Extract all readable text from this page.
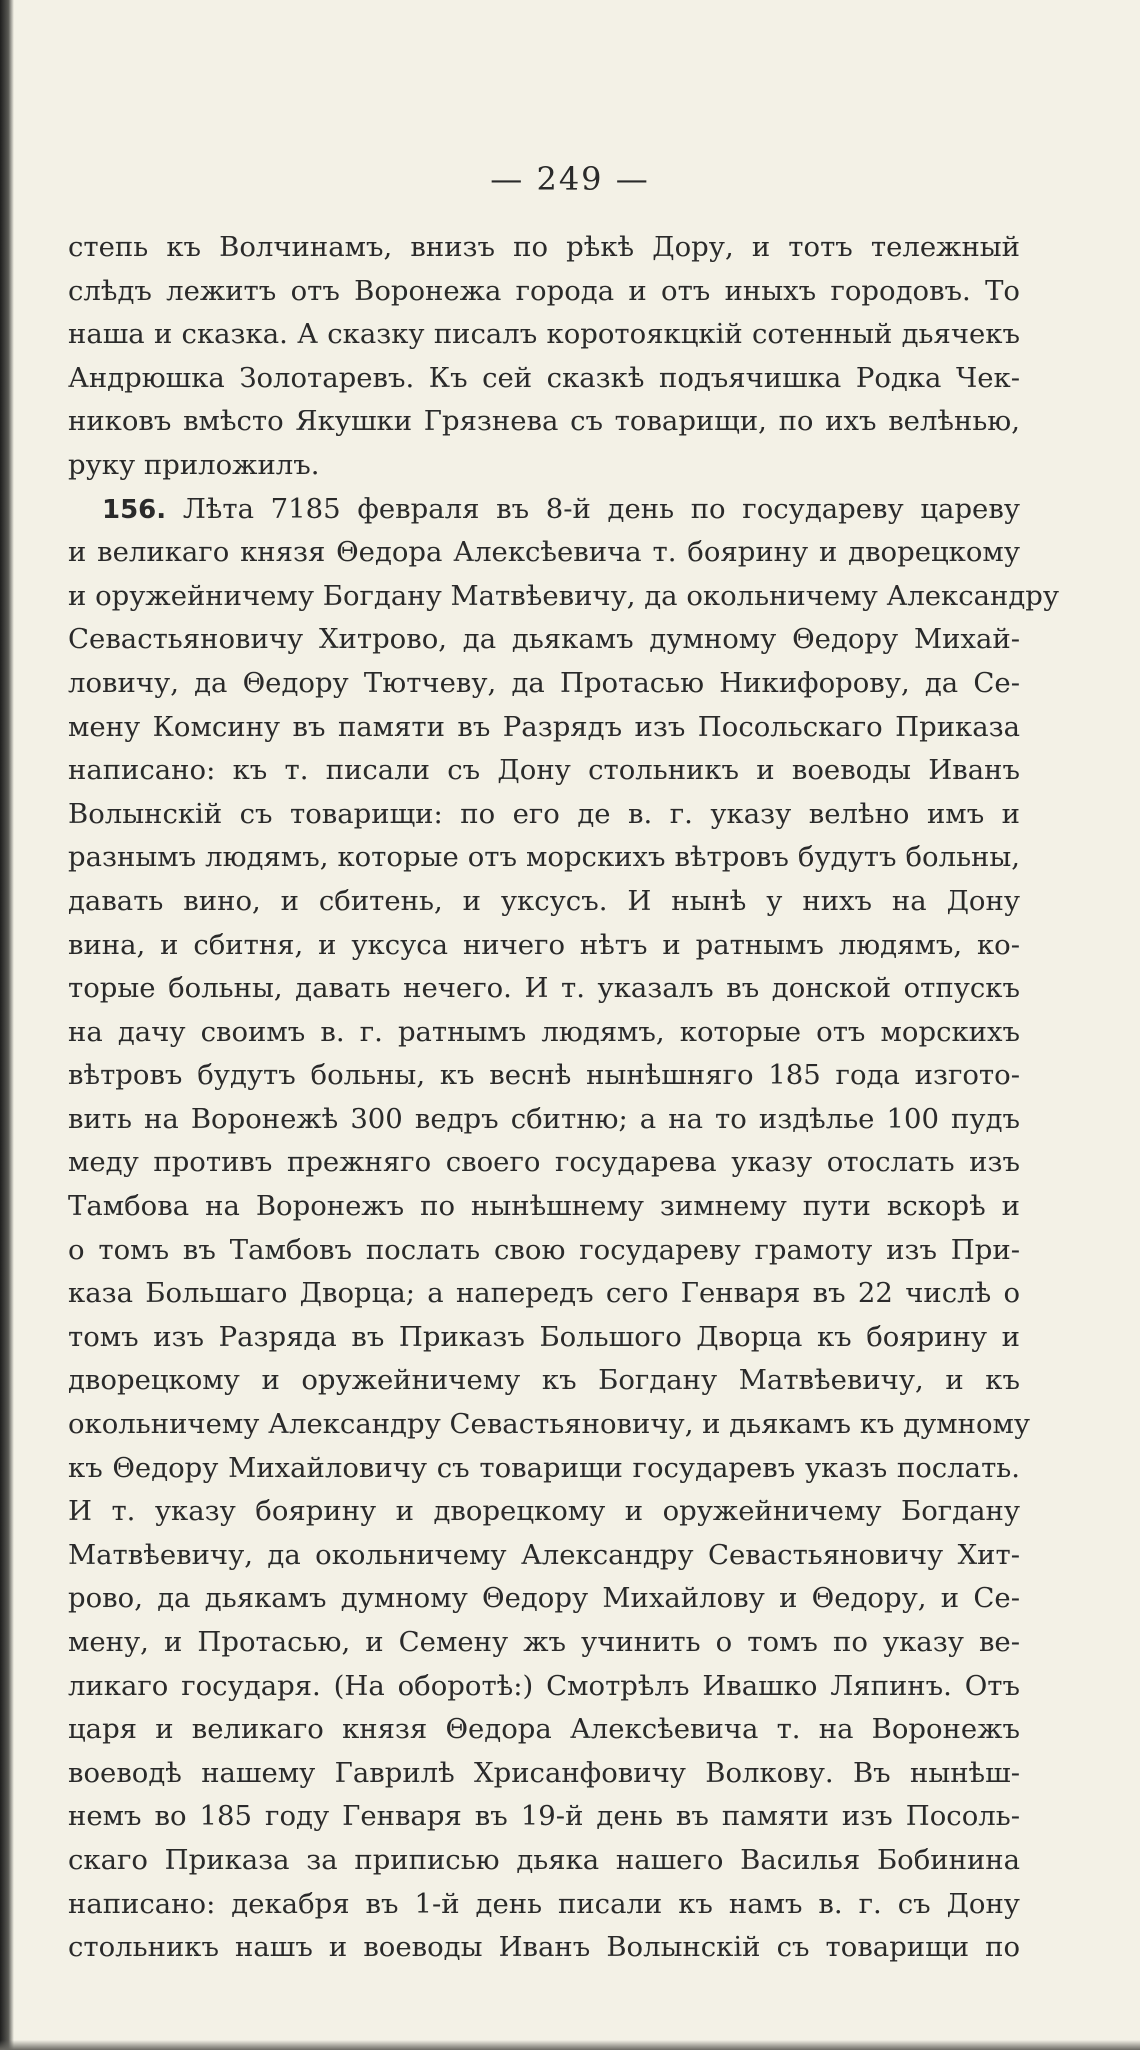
— 249 —
степь къ Волчинамъ, внизъ по рѣкѣ Дору, и тотъ тележный
слѣдъ лежитъ отъ Воронежа города и отъ иныхъ городовъ. То
наша и сказка. А сказку писалъ коротоякцкій сотенный дьячекъ
Андрюшка Золотаревъ. Къ сей сказкѣ подъячишка Родка Чек-
никовъ вмѣсто Якушки Грязнева съ товарищи, по ихъ велѣнью,
руку приложилъ.
156. Лѣта 7185 февраля въ 8-й день по государеву цареву
и великаго князя Θедора Алексѣевича т. боярину и дворецкому
и оружейничему Богдану Матвѣевичу, да окольничему Александру
Севастьяновичу Хитрово, да дьякамъ думному Θедору Михай-
ловичу, да Θедору Тютчеву, да Протасью Никифорову, да Се-
мену Комсину въ памяти въ Разрядъ изъ Посольскаго Приказа
написано: къ т. писали съ Дону стольникъ и воеводы Иванъ
Волынскій съ товарищи: по его де в. г. указу велѣно имъ и
разнымъ людямъ, которые отъ морскихъ вѣтровъ будутъ больны,
давать вино, и сбитень, и уксусъ. И нынѣ у нихъ на Дону
вина, и сбитня, и уксуса ничего нѣтъ и ратнымъ людямъ, ко-
торые больны, давать нечего. И т. указалъ въ донской отпускъ
на дачу своимъ в. г. ратнымъ людямъ, которые отъ морскихъ
вѣтровъ будутъ больны, къ веснѣ нынѣшняго 185 года изгото-
вить на Воронежѣ 300 ведръ сбитню; а на то издѣлье 100 пудъ
меду противъ прежняго своего государева указу отослать изъ
Тамбова на Воронежъ по нынѣшнему зимнему пути вскорѣ и
о томъ въ Тамбовъ послать свою государеву грамоту изъ При-
каза Большаго Дворца; а напередъ сего Генваря въ 22 числѣ о
томъ изъ Разряда въ Приказъ Большого Дворца къ боярину и
дворецкому и оружейничему къ Богдану Матвѣевичу, и къ
окольничему Александру Севастьяновичу, и дьякамъ къ думному
къ Θедору Михайловичу съ товарищи государевъ указъ послать.
И т. указу боярину и дворецкому и оружейничему Богдану
Матвѣевичу, да окольничему Александру Севастьяновичу Хит-
рово, да дьякамъ думному Θедору Михайлову и Θедору, и Се-
мену, и Протасью, и Семену жъ учинить о томъ по указу ве-
ликаго государя. (На оборотѣ:) Смотрѣлъ Ивашко Ляпинъ. Отъ
царя и великаго князя Θедора Алексѣевича т. на Воронежъ
воеводѣ нашему Гаврилѣ Хрисанфовичу Волкову. Въ нынѣш-
немъ во 185 году Генваря въ 19-й день въ памяти изъ Посоль-
скаго Приказа за приписью дьяка нашего Василья Бобинина
написано: декабря въ 1-й день писали къ намъ в. г. съ Дону
стольникъ нашъ и воеводы Иванъ Волынскій съ товарищи по
